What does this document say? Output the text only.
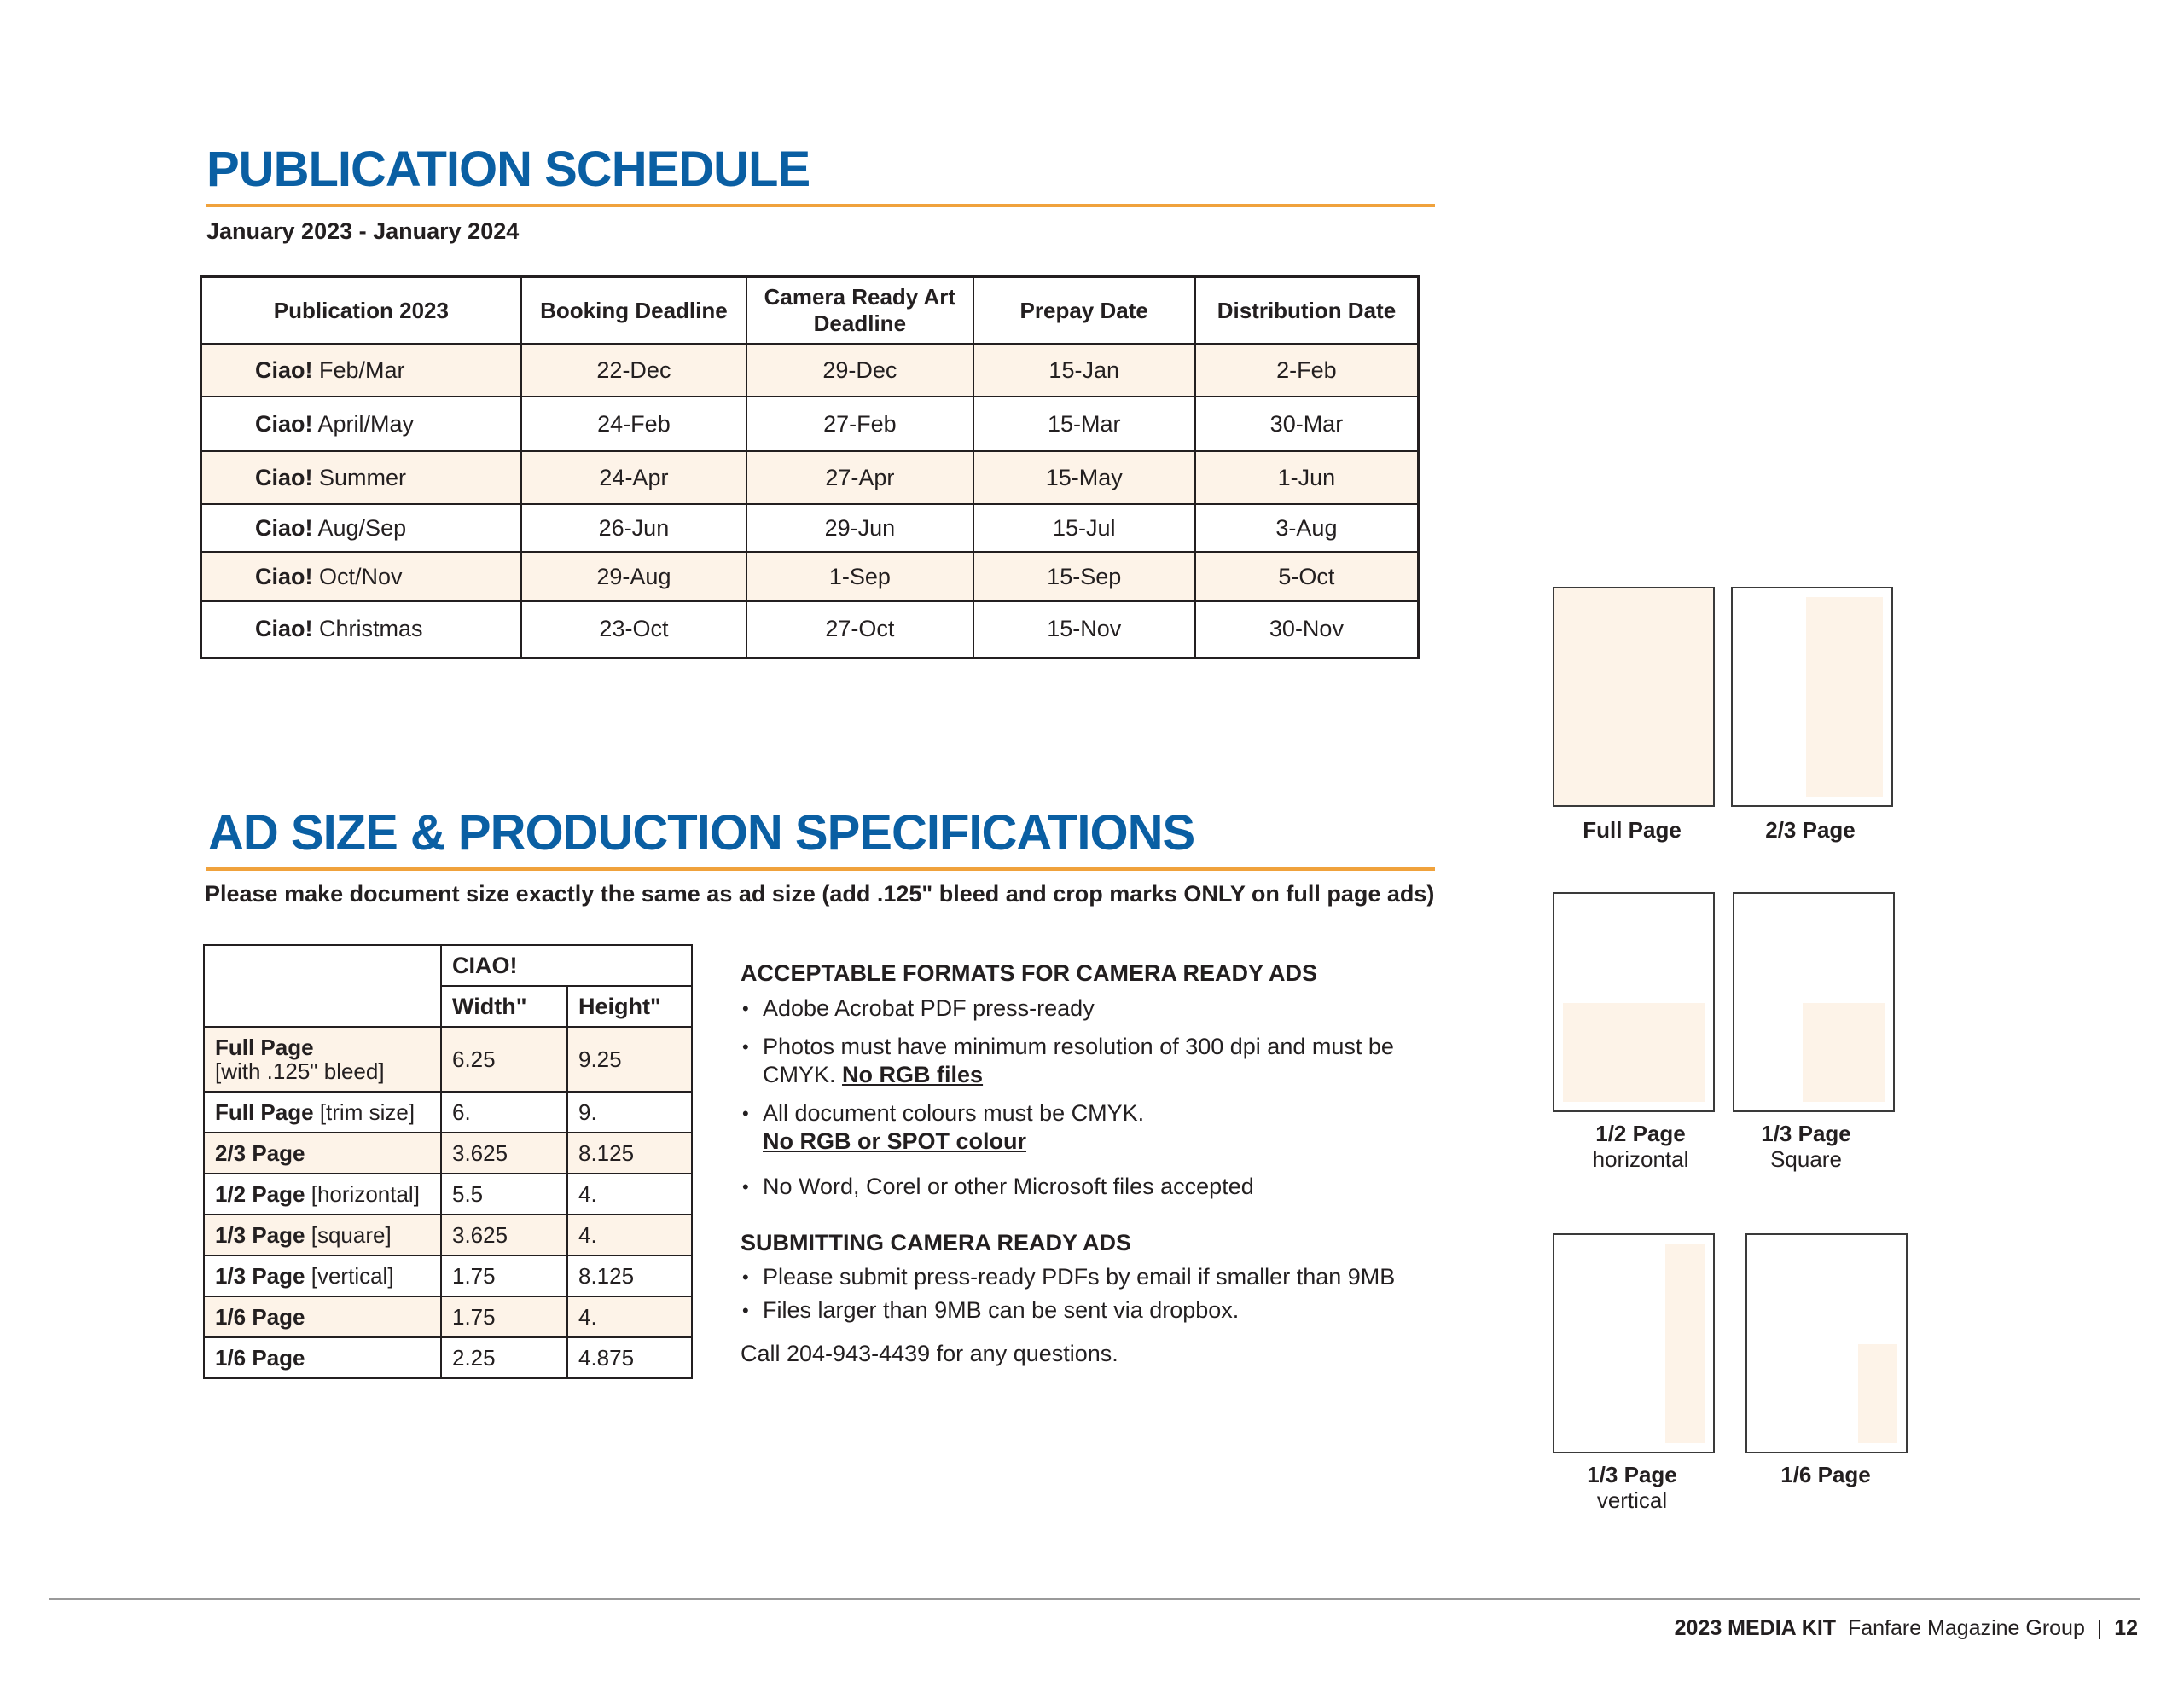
PUBLICATION SCHEDULE
January 2023 - January 2024
Publication 2023	Booking Deadline	Camera Ready Art Deadline	Prepay Date	Distribution Date
Ciao! Feb/Mar	22-Dec	29-Dec	15-Jan	2-Feb
Ciao! April/May	24-Feb	27-Feb	15-Mar	30-Mar
Ciao! Summer	24-Apr	27-Apr	15-May	1-Jun
Ciao! Aug/Sep	26-Jun	29-Jun	15-Jul	3-Aug
Ciao! Oct/Nov	29-Aug	1-Sep	15-Sep	5-Oct
Ciao! Christmas	23-Oct	27-Oct	15-Nov	30-Nov
AD SIZE & PRODUCTION SPECIFICATIONS
Please make document size exactly the same as ad size (add .125" bleed and crop marks ONLY on full page ads)
	CIAO!	
	Width"	Height"
Full Page
[with .125" bleed]	6.25	9.25
Full Page [trim size]	6.	9.
2/3 Page	3.625	8.125
1/2 Page [horizontal]	5.5	4.
1/3 Page [square]	3.625	4.
1/3 Page [vertical]	1.75	8.125
1/6 Page	1.75	4.
1/6 Page	2.25	4.875
ACCEPTABLE FORMATS FOR CAMERA READY ADS
• Adobe Acrobat PDF press-ready
• Photos must have minimum resolution of 300 dpi and must be CMYK. No RGB files
• All document colours must be CMYK.
No RGB or SPOT colour
• No Word, Corel or other Microsoft files accepted
SUBMITTING CAMERA READY ADS
• Please submit press-ready PDFs by email if smaller than 9MB
• Files larger than 9MB can be sent via dropbox.
Call 204-943-4439 for any questions.
Full Page	2/3 Page
1/2 Page
horizontal
1/3 Page
Square
1/3 Page
vertical
1/6 Page
2023 MEDIA KIT Fanfare Magazine Group | 12
